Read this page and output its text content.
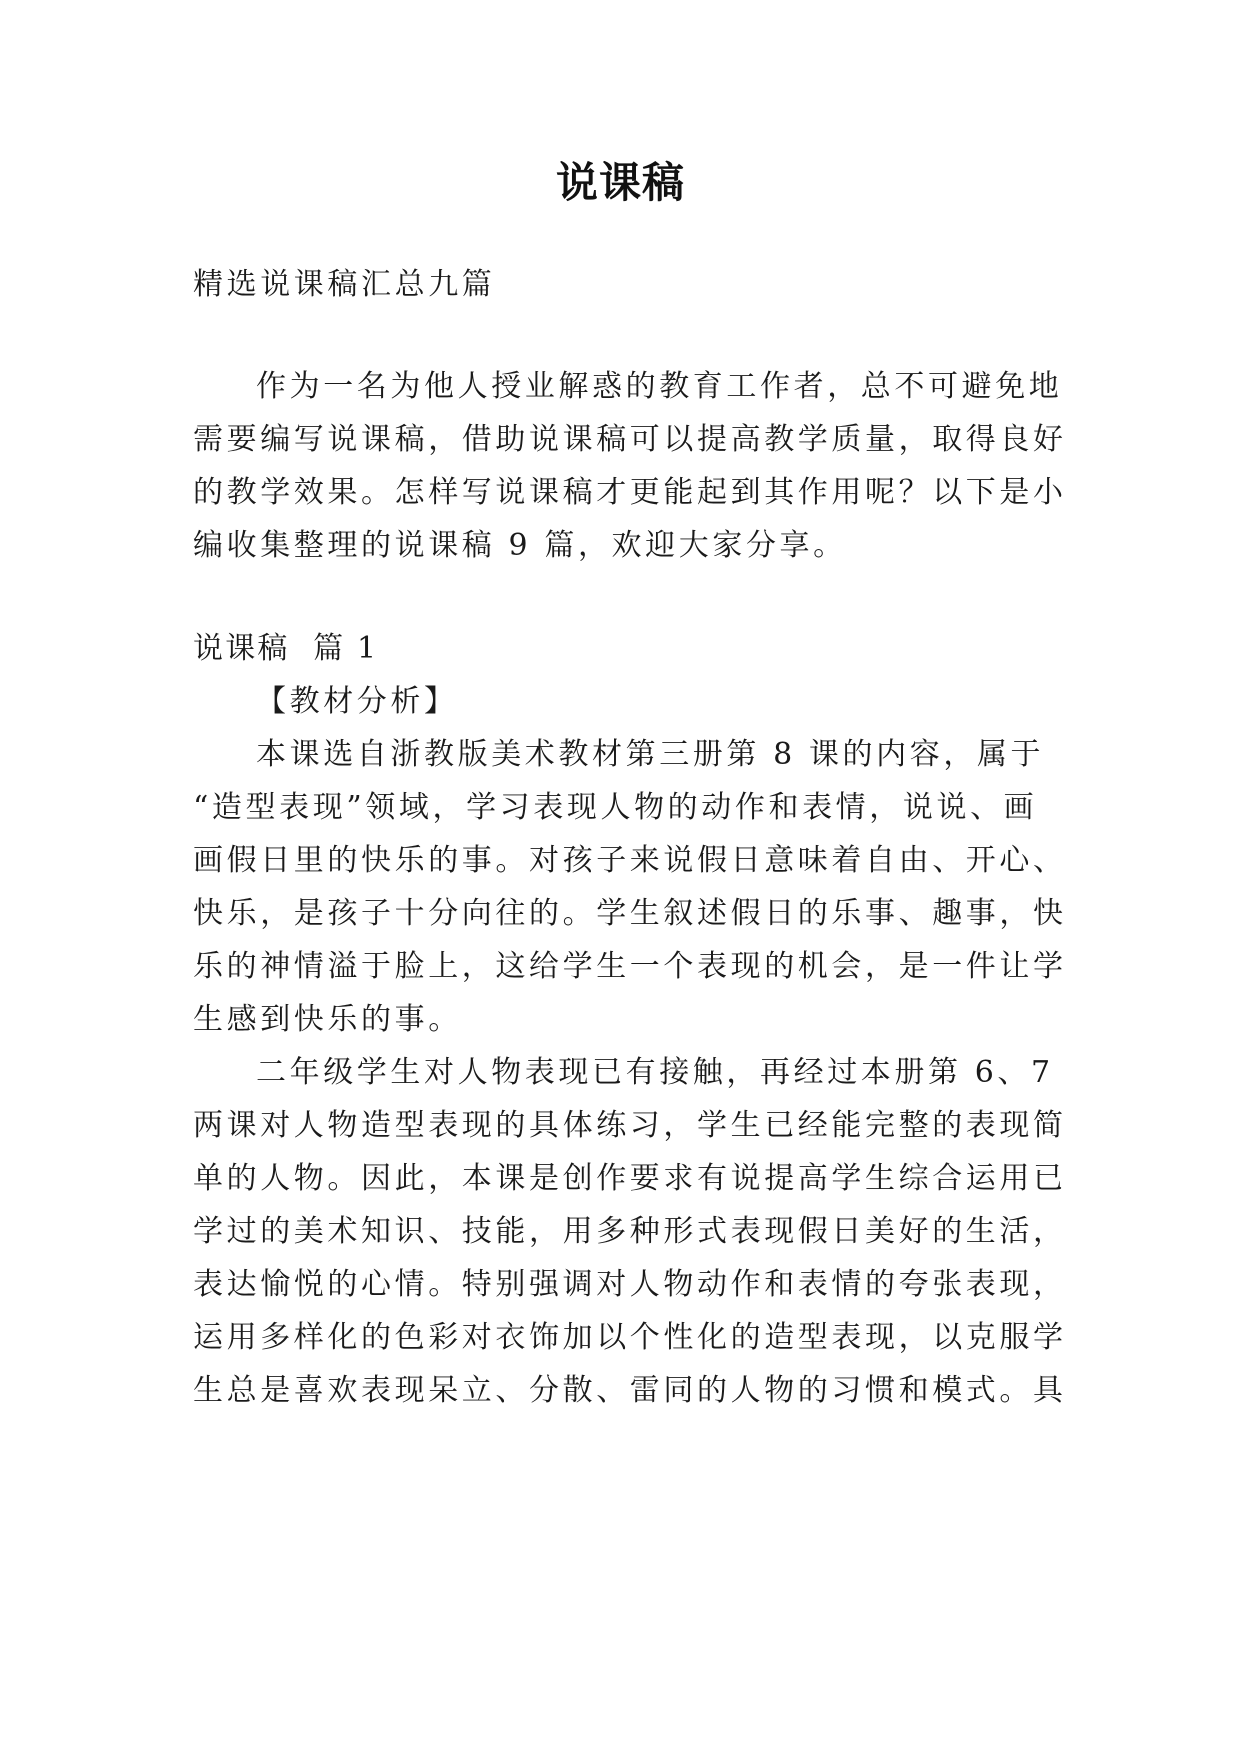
说课稿
精选说课稿汇总九篇
作为一名为他人授业解惑的教育工作者，总不可避免地
需要编写说课稿，借助说课稿可以提高教学质量，取得良好
的教学效果。怎样写说课稿才更能起到其作用呢？以下是小
编收集整理的说课稿 9 篇，欢迎大家分享。
说课稿  篇 1
【教材分析】
本课选自浙教版美术教材第三册第 8 课的内容，属于
“造型表现”领域，学习表现人物的动作和表情，说说、画
画假日里的快乐的事。对孩子来说假日意味着自由、开心、
快乐，是孩子十分向往的。学生叙述假日的乐事、趣事，快
乐的神情溢于脸上，这给学生一个表现的机会，是一件让学
生感到快乐的事。
二年级学生对人物表现已有接触，再经过本册第 6、7
两课对人物造型表现的具体练习，学生已经能完整的表现简
单的人物。因此，本课是创作要求有说提高学生综合运用已
学过的美术知识、技能，用多种形式表现假日美好的生活，
表达愉悦的心情。特别强调对人物动作和表情的夸张表现，
运用多样化的色彩对衣饰加以个性化的造型表现，以克服学
生总是喜欢表现呆立、分散、雷同的人物的习惯和模式。具
